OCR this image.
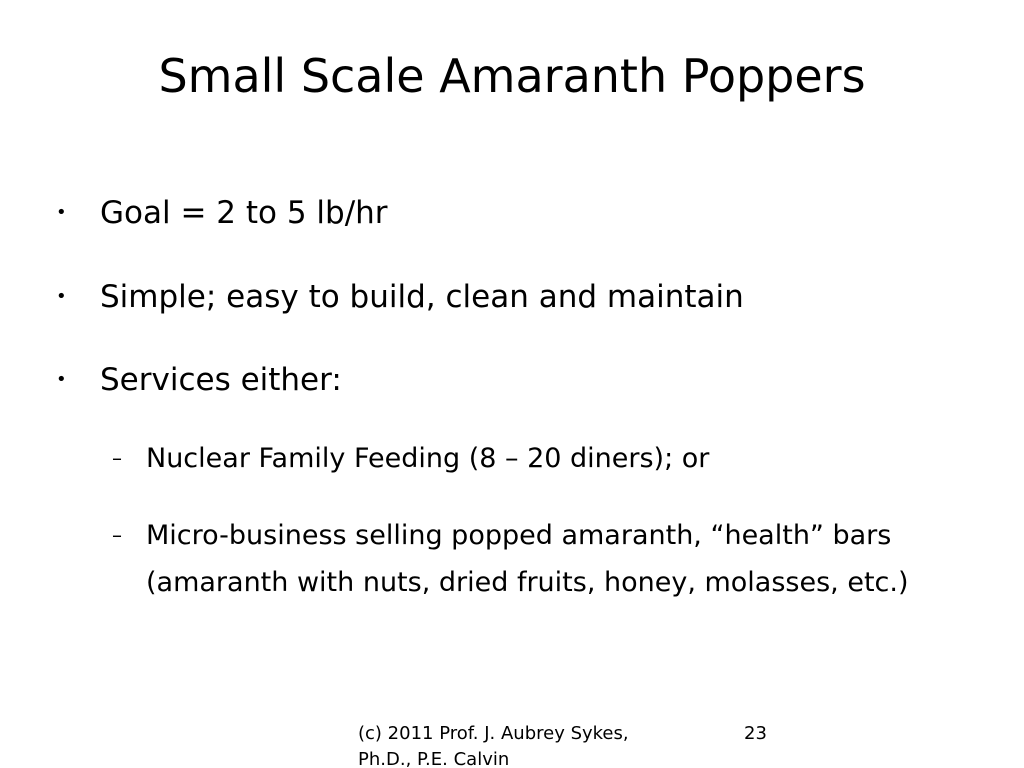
Small Scale Amaranth Poppers
• Goal = 2 to 5 lb/hr
• Simple; easy to build, clean and maintain
• Services either:
– Nuclear Family Feeding (8 – 20 diners); or
– Micro-business selling popped amaranth, “health” bars (amaranth with nuts, dried fruits, honey, molasses, etc.)
(c) 2011 Prof. J. Aubrey Sykes, Ph.D., P.E. Calvin
23
